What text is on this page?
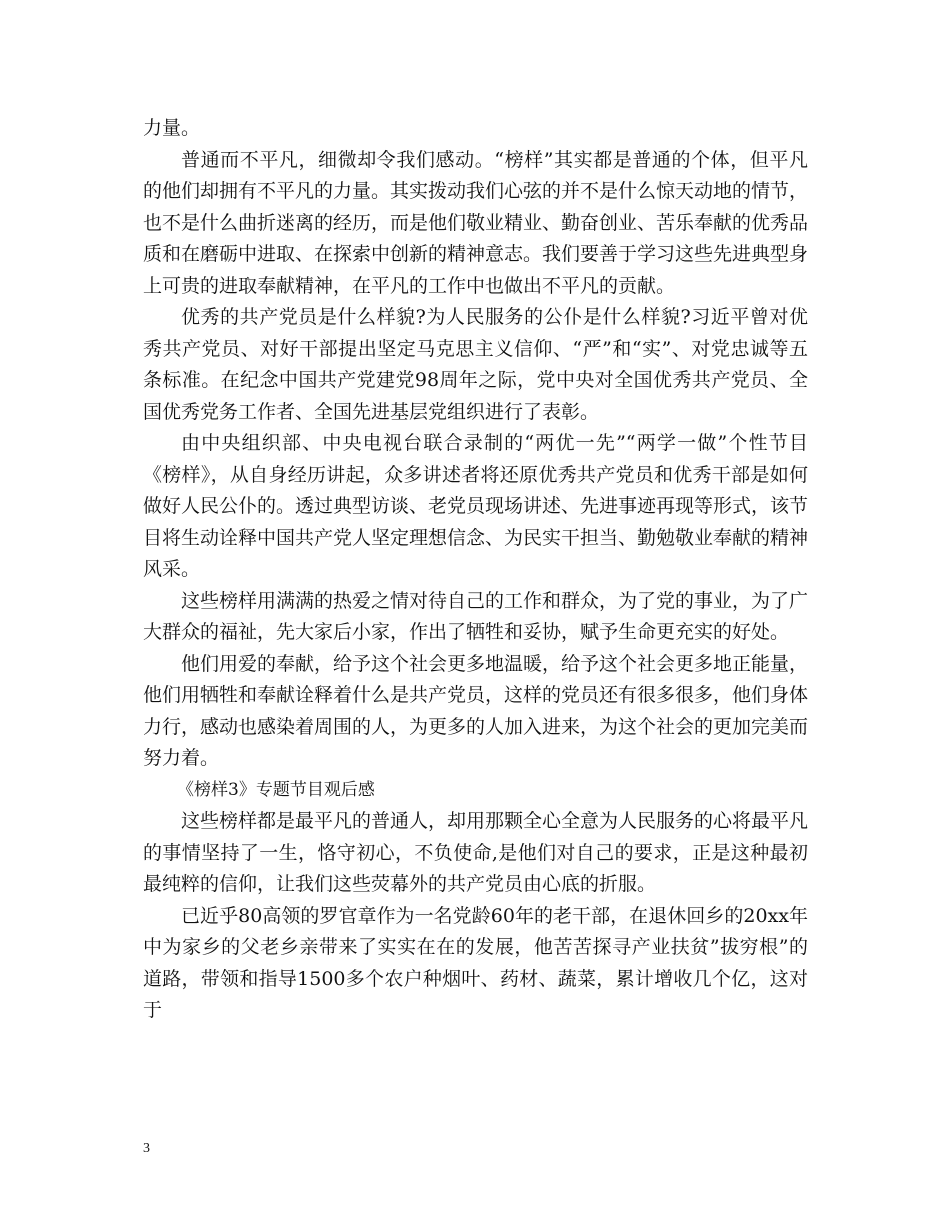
力量。

普通而不平凡，细微却令我们感动。“榜样”其实都是普通的个体，但平凡的他们却拥有不平凡的力量。其实拨动我们心弦的并不是什么惊天动地的情节，也不是什么曲折迷离的经历，而是他们敬业精业、勤奋创业、苦乐奉献的优秀品质和在磨砺中进取、在探索中创新的精神意志。我们要善于学习这些先进典型身上可贵的进取奉献精神，在平凡的工作中也做出不平凡的贡献。

优秀的共产党员是什么样貌?为人民服务的公仆是什么样貌?习近平曾对优秀共产党员、对好干部提出坚定马克思主义信仰、“严”和“实”、对党忠诚等五条标准。在纪念中国共产党建党98周年之际，党中央对全国优秀共产党员、全国优秀党务工作者、全国先进基层党组织进行了表彰。

由中央组织部、中央电视台联合录制的“两优一先”“两学一做”个性节目《榜样》，从自身经历讲起，众多讲述者将还原优秀共产党员和优秀干部是如何做好人民公仆的。透过典型访谈、老党员现场讲述、先进事迹再现等形式，该节目将生动诠释中国共产党人坚定理想信念、为民实干担当、勤勉敬业奉献的精神风采。

这些榜样用满满的热爱之情对待自己的工作和群众，为了党的事业，为了广大群众的福祉，先大家后小家，作出了牺牲和妥协，赋予生命更充实的好处。

他们用爱的奉献，给予这个社会更多地温暖，给予这个社会更多地正能量，他们用牺牲和奉献诠释着什么是共产党员，这样的党员还有很多很多，他们身体力行，感动也感染着周围的人，为更多的人加入进来，为这个社会的更加完美而努力着。

《榜样3》专题节目观后感

这些榜样都是最平凡的普通人，却用那颗全心全意为人民服务的心将最平凡的事情坚持了一生，恪守初心，不负使命,是他们对自己的要求，正是这种最初最纯粹的信仰，让我们这些荧幕外的共产党员由心底的折服。

已近乎80高领的罗官章作为一名党龄60年的老干部，在退休回乡的20xx年中为家乡的父老乡亲带来了实实在在的发展，他苦苦探寻产业扶贫”拔穷根”的道路，带领和指导1500多个农户种烟叶、药材、蔬菜，累计增收几个亿，这对于

3
